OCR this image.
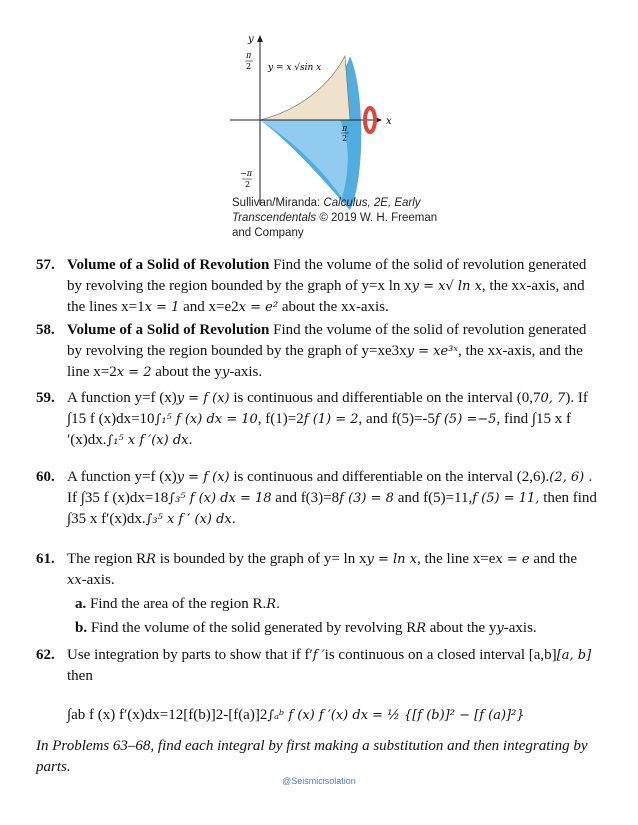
y
x
π
2 y = x √sin x
π
2
−π
2
Sullivan/Miranda: Calculus, 2E, Early
Transcendentals © 2019 W. H. Freeman
and Company
57. Volume of a Solid of Revolution Find the volume of the solid of revolution generated
by revolving the region bounded by the graph of y=x ln xy = x√ ln x, the xx-axis, and
the lines x=1x = 1 and x=e2x = e² about the xx-axis.
58. Volume of a Solid of Revolution Find the volume of the solid of revolution generated
by revolving the region bounded by the graph of y=xe3xy = xe³ˣ, the xx-axis, and the
line x=2x = 2 about the yy-axis.
59. A function y=f (x)y = f (x) is continuous and differentiable on the interval (0,70, 7). If
∫15 f (x)dx=10∫₁⁵ f (x) dx = 10, f(1)=2f (1) = 2, and f(5)=-5f (5) =−5, find ∫15 x f
′(x)dx.∫₁⁵ x f ′(x) dx.
60. A function y=f (x)y = f (x) is continuous and differentiable on the interval (2,6).(2, 6) .
If ∫35 f (x)dx=18∫₃⁵ f (x) dx = 18 and f(3)=8f (3) = 8 and f(5)=11,f (5) = 11, then find
∫35 x f′(x)dx.∫₃⁵ x f ′ (x) dx.
61. The region RR is bounded by the graph of y= ln xy = ln x, the line x=ex = e and the
xx-axis.
a. Find the area of the region R.R.
b. Find the volume of the solid generated by revolving RR about the yy-axis.
62. Use integration by parts to show that if f′f ′is continuous on a closed interval [a,b][a, b]
then
∫ab f (x) f′(x)dx=12[f(b)]2-[f(a)]2∫ₐᵇ f (x) f ′(x) dx = ½ {[f (b)]² − [f (a)]²}
In Problems 63–68, find each integral by first making a substitution and then integrating by parts.
@Seismicisolation
